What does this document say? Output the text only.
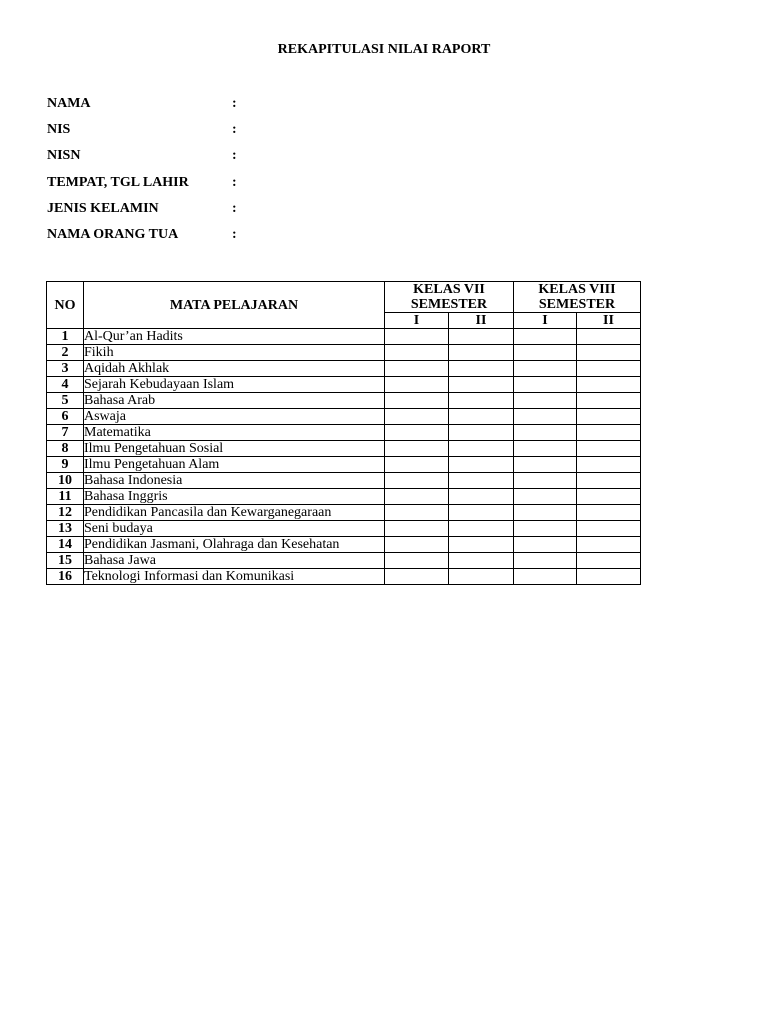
REKAPITULASI NILAI RAPORT
NAMA	:
NIS	:
NISN	:
TEMPAT, TGL LAHIR	:
JENIS KELAMIN	:
NAMA ORANG TUA	:
NO	MATA PELAJARAN	KELAS VII		KELAS VIII	
		SEMESTER		SEMESTER	
		I	II	I	II
1	Al-Qur’an Hadits				
2	Fikih				
3	Aqidah Akhlak				
4	Sejarah Kebudayaan Islam				
5	Bahasa Arab				
6	Aswaja				
7	Matematika				
8	Ilmu Pengetahuan Sosial				
9	Ilmu Pengetahuan Alam				
10	Bahasa Indonesia				
11	Bahasa Inggris				
12	Pendidikan Pancasila dan Kewarganegaraan				
13	Seni budaya				
14	Pendidikan Jasmani, Olahraga dan Kesehatan				
15	Bahasa Jawa				
16	Teknologi Informasi dan Komunikasi				
